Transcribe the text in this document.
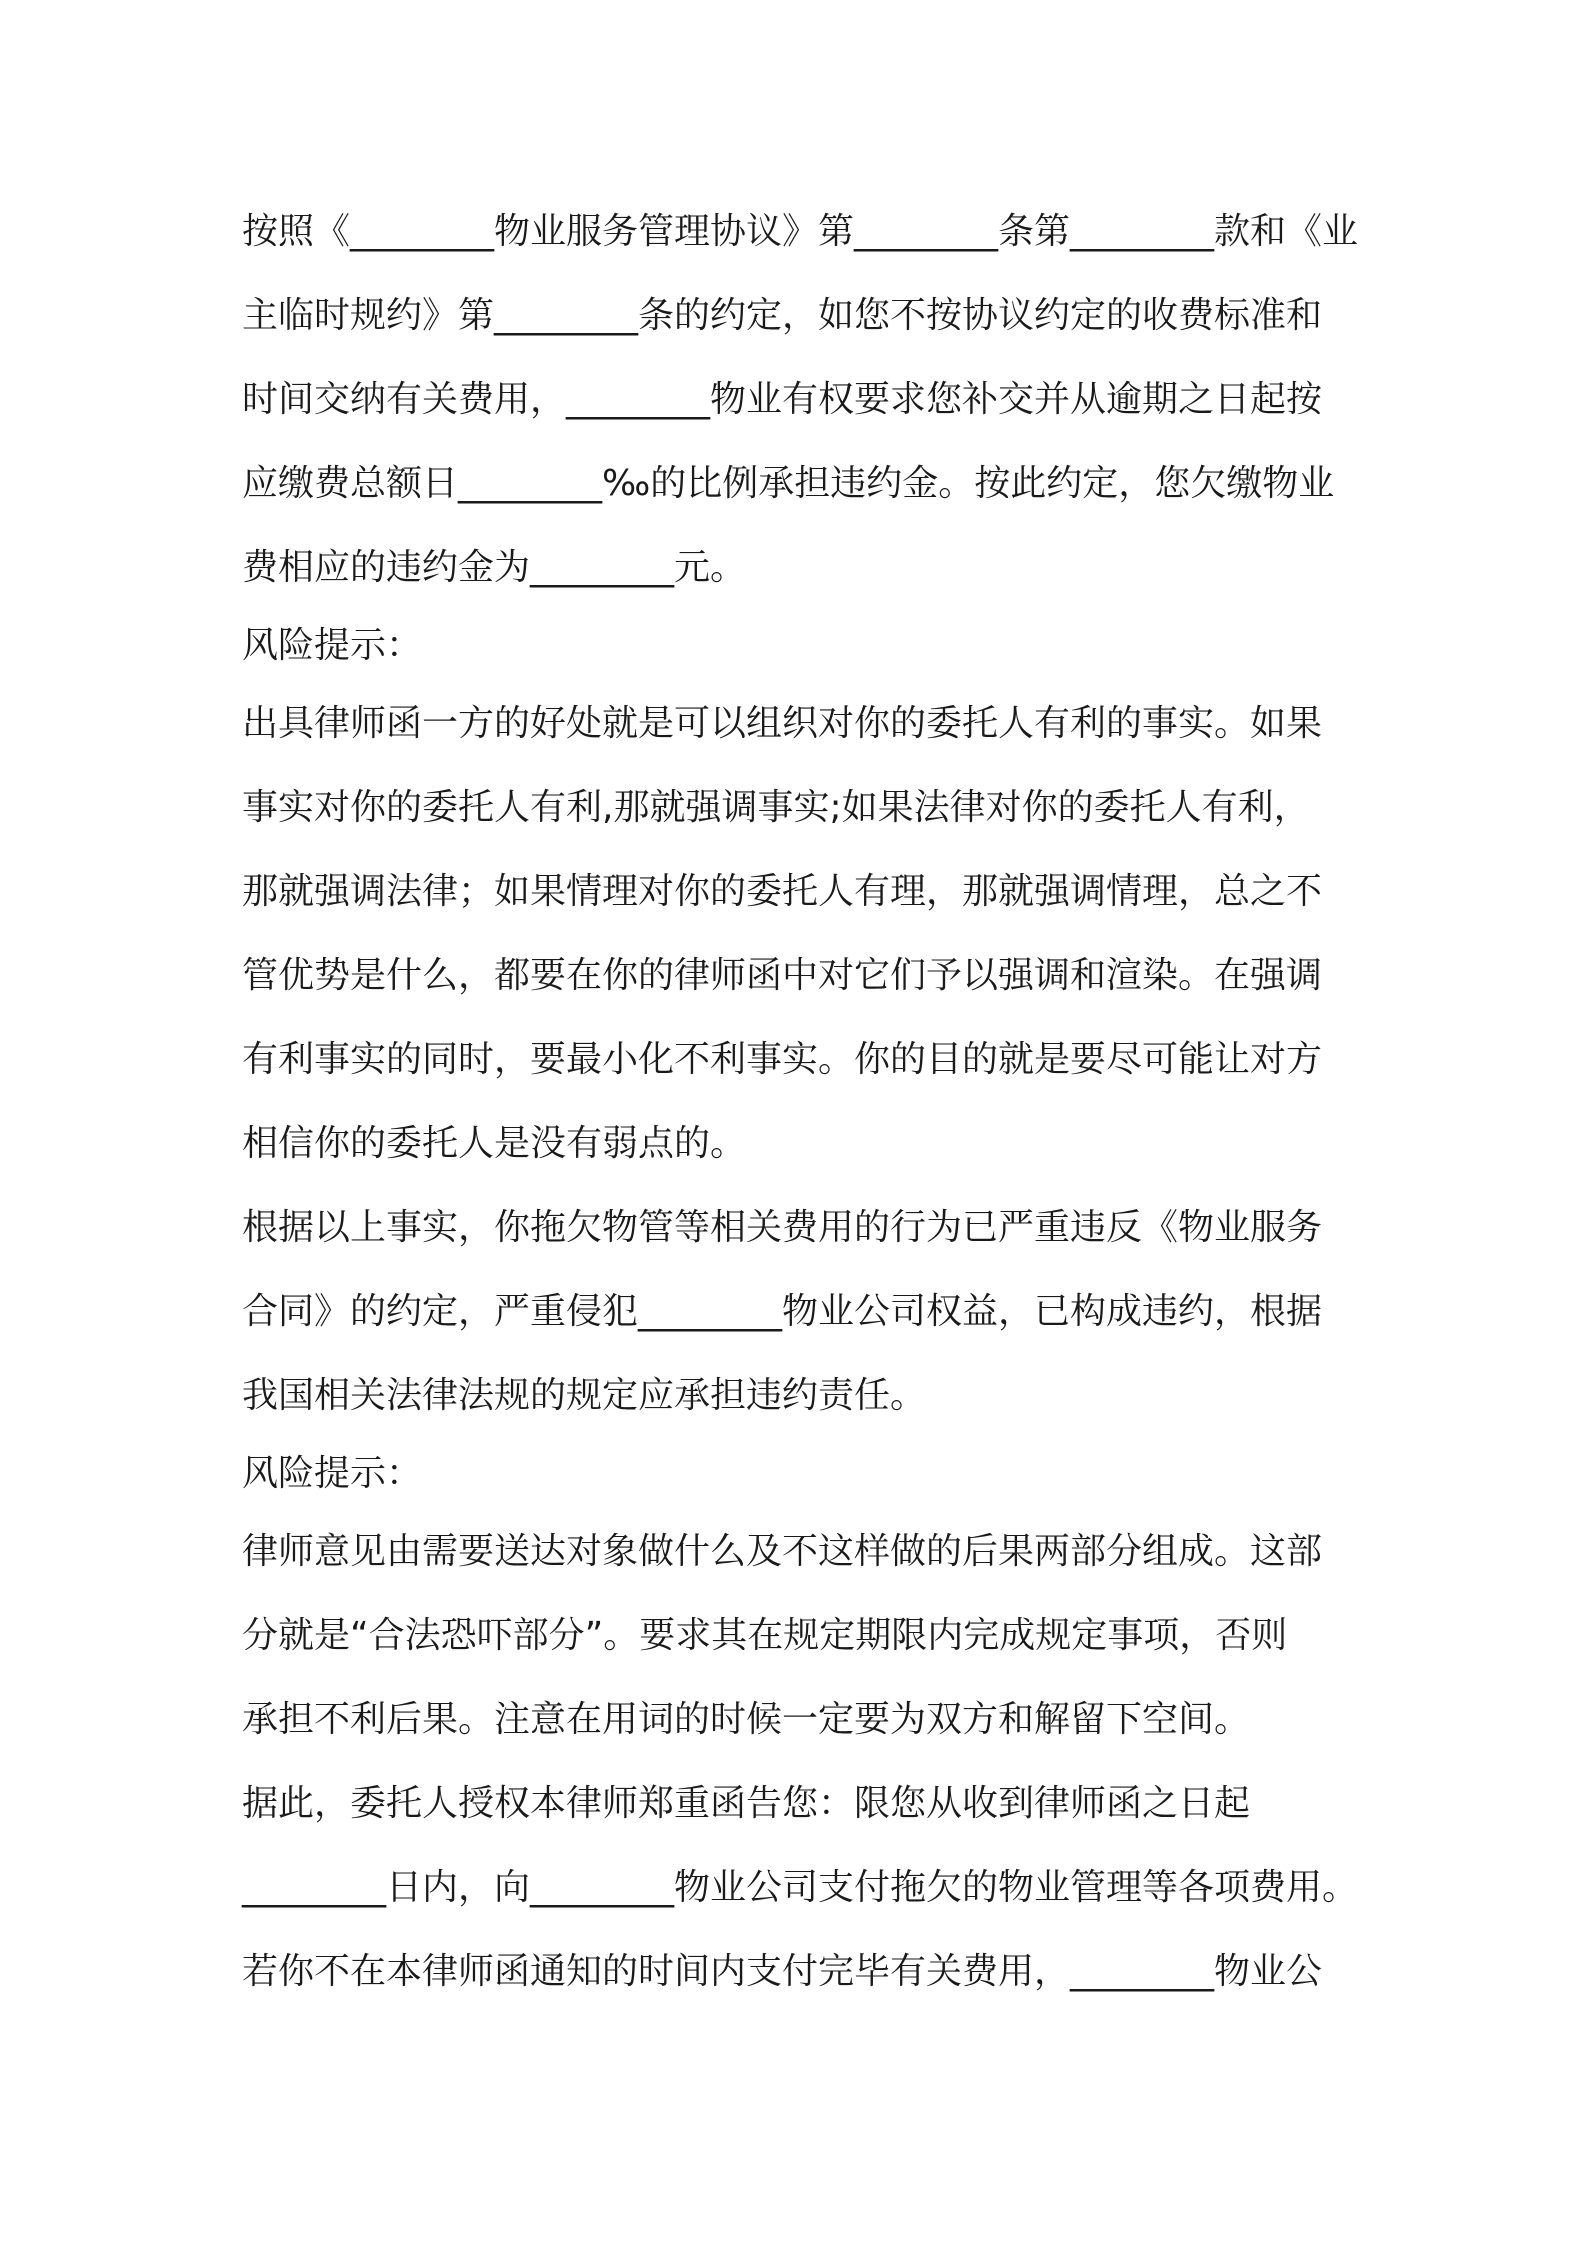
按照《________物业服务管理协议》第________条第________款和《业
主临时规约》第________条的约定，如您不按协议约定的收费标准和
时间交纳有关费用，________物业有权要求您补交并从逾期之日起按
应缴费总额日________‰的比例承担违约金。按此约定，您欠缴物业
费相应的违约金为________元。
风险提示：
出具律师函一方的好处就是可以组织对你的委托人有利的事实。如果
事实对你的委托人有利,那就强调事实;如果法律对你的委托人有利，
那就强调法律；如果情理对你的委托人有理，那就强调情理，总之不
管优势是什么，都要在你的律师函中对它们予以强调和渲染。在强调
有利事实的同时，要最小化不利事实。你的目的就是要尽可能让对方
相信你的委托人是没有弱点的。
根据以上事实，你拖欠物管等相关费用的行为已严重违反《物业服务
合同》的约定，严重侵犯________物业公司权益，已构成违约，根据
我国相关法律法规的规定应承担违约责任。
风险提示：
律师意见由需要送达对象做什么及不这样做的后果两部分组成。这部
分就是“合法恐吓部分”。要求其在规定期限内完成规定事项，否则
承担不利后果。注意在用词的时候一定要为双方和解留下空间。
据此，委托人授权本律师郑重函告您：限您从收到律师函之日起
________日内，向________物业公司支付拖欠的物业管理等各项费用。
若你不在本律师函通知的时间内支付完毕有关费用，________物业公
